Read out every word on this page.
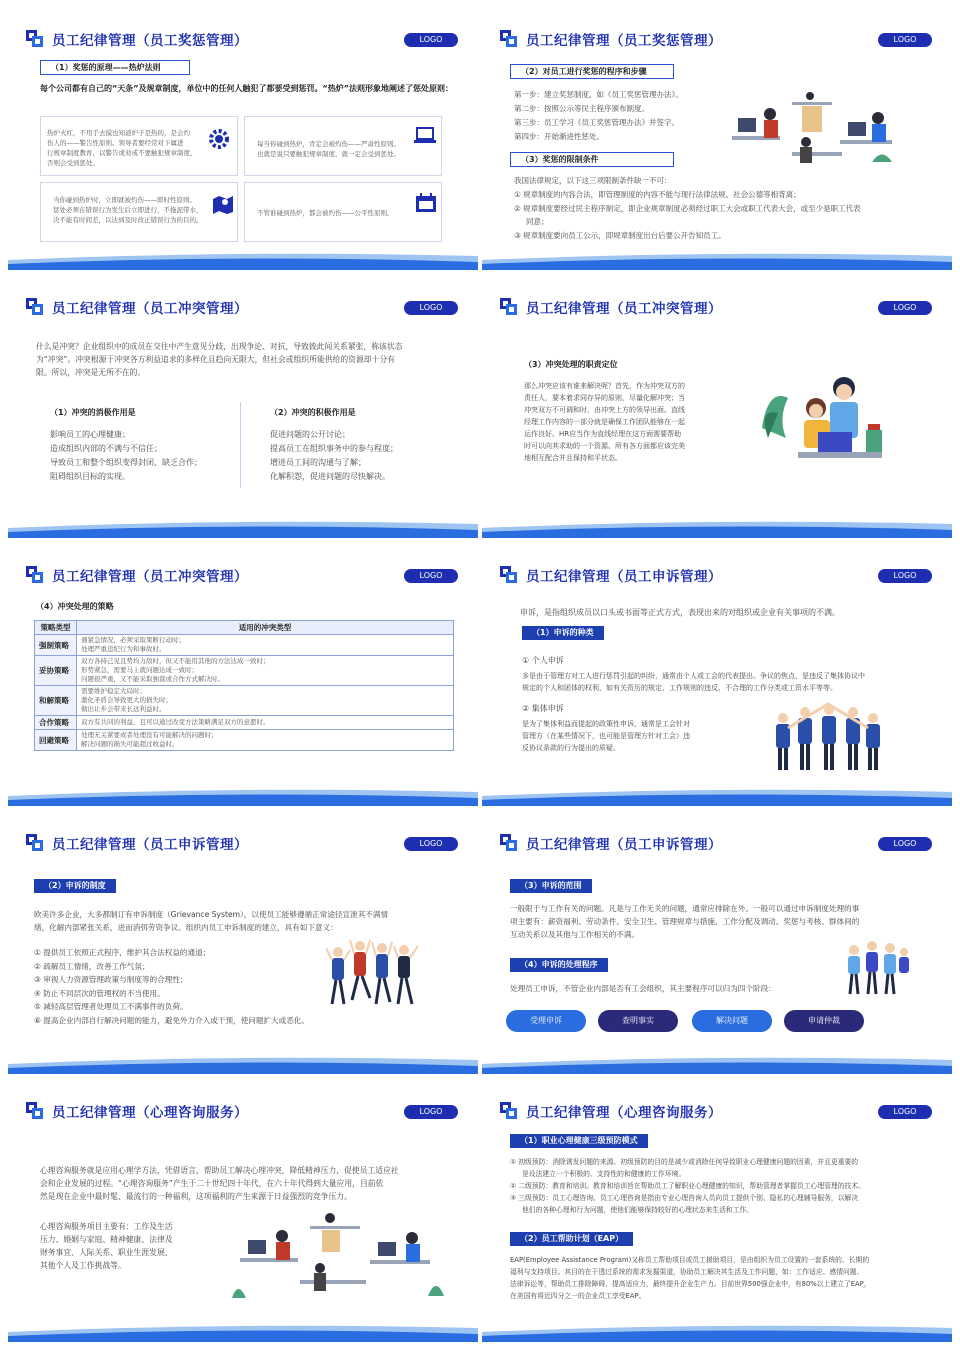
员工纪律管理（员工奖惩管理）	LOGO
（1）奖惩的原理——热炉法则
每个公司都有自己的“天条”及规章制度，单位中的任何人触犯了都要受到惩罚。“热炉”法则形象地阐述了惩处原则：
热炉火红，不用手去摸也知道炉子是热的，是会灼
伤人的——警告性原则。领导者要经常对下属进
行规章制度教育，以警告或劝戒不要触犯规章制度，
否则会受到惩处。
每当你碰到热炉，肯定会被灼伤——严肃性原则。
也就是说只要触犯规章制度，就一定会受到惩处。
当你碰到热炉时，立即就被灼伤——即时性原则。
惩处必须在错误行为发生后立即进行，不拖泥带水，
决不能有时间差，以达到及时改正错误行为的目的。
不管谁碰到热炉，都会被灼伤——公平性原则。
员工纪律管理（员工奖惩管理）	LOGO
（2）对员工进行奖惩的程序和步骤
第一步：建立奖惩制度，如《员工奖惩管理办法》。
第二步：按照公示等民主程序颁布制度。
第三步：员工学习《员工奖惩管理办法》并签字。
第四步：开始渐进性惩处。
（3）奖惩的限制条件
我国法律规定，以下这三项限制条件缺一不可：
① 规章制度的内容合法，即管理制度的内容不能与现行法律法规、社会公德等相背离；
② 规章制度要经过民主程序制定，即企业规章制度必须经过职工大会或职工代表大会，或至少是职工代表
同意；
③ 规章制度要向员工公示，即规章制度出台后要公开告知员工。
员工纪律管理（员工冲突管理）	LOGO
什么是冲突？企业组织中的成员在交往中产生意见分歧，出现争论、对抗，导致彼此间关系紧张，称该状态
为“冲突”。冲突根源于冲突各方利益追求的多样化且趋向无限大，但社会或组织所能供给的资源却十分有
限。所以，冲突是无所不在的。
（1）冲突的消极作用是
影响员工的心理健康；
造成组织内部的不满与不信任；
导致员工和整个组织变得封闭、缺乏合作；
阻碍组织目标的实现。
（2）冲突的积极作用是
促进问题的公开讨论；
提高员工在组织事务中的参与程度；
增进员工间的沟通与了解；
化解积怨，促进问题的尽快解决。
员工纪律管理（员工冲突管理）	LOGO
（3）冲突处理的职责定位
那么冲突应该有谁来解决呢？首先，作为冲突双方的
责任人，要本着求同存异的原则，尽量化解冲突；当
冲突双方不可调和时，由冲突上方的领导出面。直线
经理工作内容的一部分就是确保工作团队能够在一起
运作良好。HR应当作为直线经理在这方面需要帮助
时可以向其求助的一个资源。所有各方面都应该完美
地相互配合并且保持和平状态。
员工纪律管理（员工冲突管理）	LOGO
（4）冲突处理的策略
策略类型	适用的冲突类型
强制策略	遇紧急情况，必须采取果断行动时；
处理严重违纪行为和事故时。

妥协策略	双方各持己见且势均力敌时，但又不能用其他的方法达成一致时；
形势紧急，需要马上就问题达成一致时；
问题很严重，又不能采取独裁或合作方式解决时。

和解策略	需要维护稳定大局时；
激化矛盾会导致更大的损失时；
做出让步会带来长远利益时。

合作策略	双方有共同的利益，且可以通过改变方法策略满足双方的意愿时。

回避策略	处理无关紧要或者处理没有可能解决的问题时；
解决问题的损失可能超过收益时。
员工纪律管理（员工申诉管理）	LOGO
申诉，是指组织成员以口头或书面等正式方式，表现出来的对组织或企业有关事项的不满。
（1）申诉的种类
① 个人申诉
多是由于管理方对工人进行惩罚引起的纠纷，通常由个人或工会的代表提出。争议的焦点，是违反了集体协议中
规定的个人和团体的权利，如有关资历的规定、工作规则的违反、不合理的工作分类或工资水平等等。
② 集体申诉
是为了集体利益而提起的政策性申诉，通常是工会针对
管理方（在某些情况下，也可能是管理方针对工会）违
反协议条款的行为提出的质疑。
员工纪律管理（员工申诉管理）	LOGO
（2）申诉的制度
欧美许多企业，大多都制订有申诉制度（Grievance System），以使员工能够遵循正常途径宣泄其不满情
绪，化解内部紧张关系，进而消弭劳资争议。组织内员工申诉制度的建立，具有如下意义：
① 提供员工依照正式程序，维护其合法权益的通道；
② 疏解员工情绪，改善工作气氛；
③ 审视人力资源管理政策与制度等的合理性；
④ 防止不同层次的管理权的不当使用。
⑤ 减轻高层管理者处理员工不满事件的负荷。
⑥ 提高企业内部自行解决问题的能力，避免外力介入或干预，使问题扩大或恶化。
员工纪律管理（员工申诉管理）	LOGO
（3）申诉的范围
一般限于与工作有关的问题。凡是与工作无关的问题，通常应排除在外。一般可以通过申诉制度处理的事
项主要有：薪资福利、劳动条件、安全卫生、管理规章与措施、工作分配及调动、奖惩与考核、群体间的
互动关系以及其他与工作相关的不满。
（4）申诉的处理程序
处理员工申诉，不管企业内部是否有工会组织，其主要程序可以归为四个阶段：
受理申诉	查明事实	解决问题	申请仲裁
员工纪律管理（心理咨询服务）	LOGO
心理咨询服务就是应用心理学方法，凭借语言，帮助员工解决心理冲突，降低精神压力，促使员工适应社
会和企业发展的过程。“心理咨询服务”产生于二十世纪四十年代，在六十年代得到大量应用，目前依
然是现在企业中最时髦、最流行的一种福利，这项福利的产生来源于日益强烈的竞争压力。
心理咨询服务项目主要有：工作及生活
压力、婚姻与家庭、精神健康、法律及
财务事宜、人际关系、职业生涯发展、
其他个人及工作挑战等。
员工纪律管理（心理咨询服务）	LOGO
（1）职业心理健康三级预防模式
① 初级预防：消除诱发问题的来源。初级预防的目的是减少或消除任何导致职业心理健康问题的因素，并且更重要的
是设法建立一个积极的、支持性的和健康的工作环境。
② 二级预防：教育和培训。教育和培训旨在帮助员工了解职业心理健康的知识，帮助管理者掌握员工心理管理的技术。
③ 三级预防：员工心理咨询。员工心理咨询是指由专业心理咨询人员向员工提供个别、隐私的心理辅导服务，以解决
他们的各种心理和行为问题，使他们能够保持较好的心理状态来生活和工作。
（2）员工帮助计划（EAP）
EAP(Employee Assistance Program)又称员工帮助项目或员工援助项目，是由组织为员工设置的一套系统的、长期的
福利与支持项目。其目的在于透过系统的需求发掘渠道，协助员工解决其生活及工作问题，如：工作适应、感情问题、
法律诉讼等，帮助员工排除障碍，提高适应力，最终提升企业生产力。目前世界500强企业中，有80%以上建立了EAP，
在美国有将近四分之一的企业员工享受EAP。
